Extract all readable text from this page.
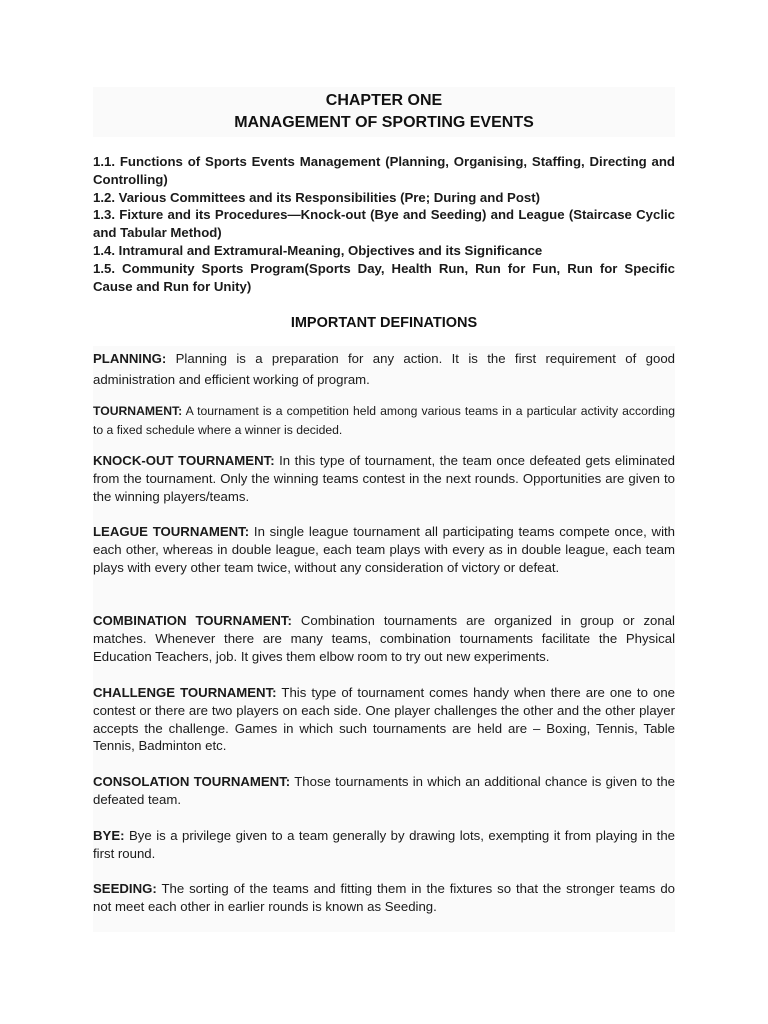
CHAPTER ONE
MANAGEMENT OF SPORTING EVENTS
1.1. Functions of Sports Events Management (Planning, Organising, Staffing, Directing and Controlling)
1.2. Various Committees and its Responsibilities (Pre; During and Post)
1.3. Fixture and its Procedures—Knock-out (Bye and Seeding) and League (Staircase Cyclic and Tabular Method)
1.4. Intramural and Extramural-Meaning, Objectives and its Significance
1.5. Community Sports Program(Sports Day, Health Run, Run for Fun, Run for Specific Cause and Run for Unity)
IMPORTANT DEFINATIONS

PLANNING: Planning is a preparation for any action. It is the first requirement of good administration and efficient working of program.

TOURNAMENT: A tournament is a competition held among various teams in a particular activity according to a fixed schedule where a winner is decided.

KNOCK-OUT TOURNAMENT: In this type of tournament, the team once defeated gets eliminated from the tournament. Only the winning teams contest in the next rounds. Opportunities are given to the winning players/teams.

LEAGUE TOURNAMENT: In single league tournament all participating teams compete once, with each other, whereas in double league, each team plays with every as in double league, each team plays with every other team twice, without any consideration of victory or defeat.

COMBINATION TOURNAMENT: Combination tournaments are organized in group or zonal matches. Whenever there are many teams, combination tournaments facilitate the Physical Education Teachers, job. It gives them elbow room to try out new experiments.

CHALLENGE TOURNAMENT: This type of tournament comes handy when there are one to one contest or there are two players on each side. One player challenges the other and the other player accepts the challenge. Games in which such tournaments are held are – Boxing, Tennis, Table Tennis, Badminton etc.

CONSOLATION TOURNAMENT: Those tournaments in which an additional chance is given to the defeated team.

BYE: Bye is a privilege given to a team generally by drawing lots, exempting it from playing in the first round.

SEEDING: The sorting of the teams and fitting them in the fixtures so that the stronger teams do not meet each other in earlier rounds is known as Seeding.
